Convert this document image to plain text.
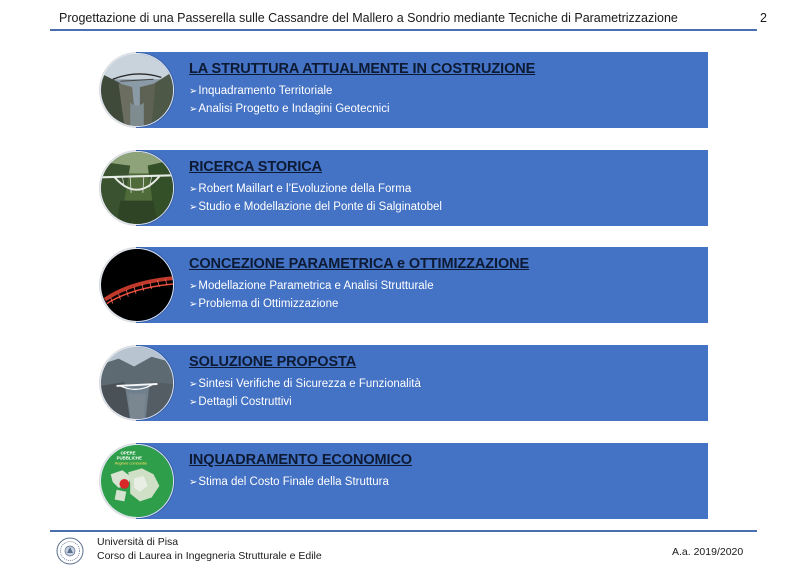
Progettazione di una Passerella sulle Cassandre del Mallero a Sondrio mediante Tecniche di Parametrizzazione	2
LA STRUTTURA ATTUALMENTE IN COSTRUZIONE
➢Inquadramento Territoriale
➢Analisi Progetto e Indagini Geotecnici
RICERCA STORICA
➢Robert Maillart e l’Evoluzione della Forma
➢Studio e Modellazione del Ponte di Salginatobel
CONCEZIONE PARAMETRICA e OTTIMIZZAZIONE
➢Modellazione Parametrica e Analisi Strutturale
➢Problema di Ottimizzazione
SOLUZIONE PROPOSTA
➢Sintesi Verifiche di Sicurezza e Funzionalità
➢Dettagli Costruttivi
OPERE
PUBBLICHE
Regione Lombardia	INQUADRAMENTO ECONOMICO
➢Stima del Costo Finale della Struttura
Università di Pisa
Corso di Laurea in Ingegneria Strutturale e Edile	A.a. 2019/2020
